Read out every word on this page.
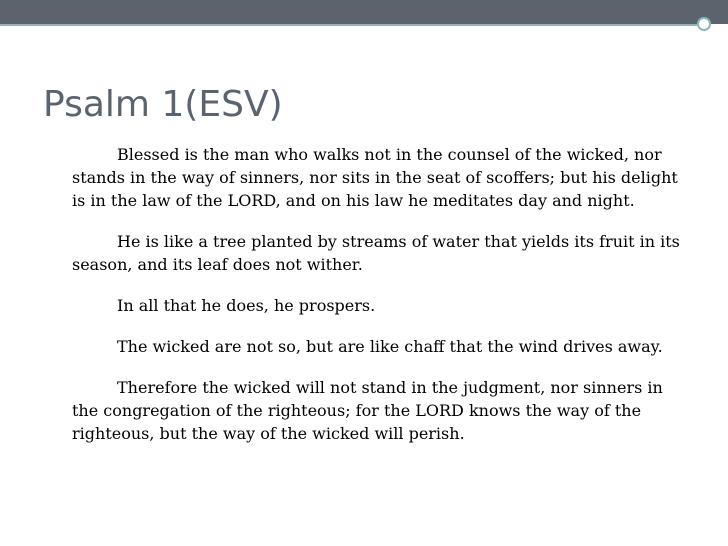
Psalm 1(ESV)

Blessed is the man who walks not in the counsel of the wicked, nor stands in the way of sinners, nor sits in the seat of scoffers; but his delight is in the law of the LORD, and on his law he meditates day and night.

He is like a tree planted by streams of water that yields its fruit in its season, and its leaf does not wither.

In all that he does, he prospers.

The wicked are not so, but are like chaff that the wind drives away.

Therefore the wicked will not stand in the judgment, nor sinners in the congregation of the righteous; for the LORD knows the way of the righteous, but the way of the wicked will perish.
